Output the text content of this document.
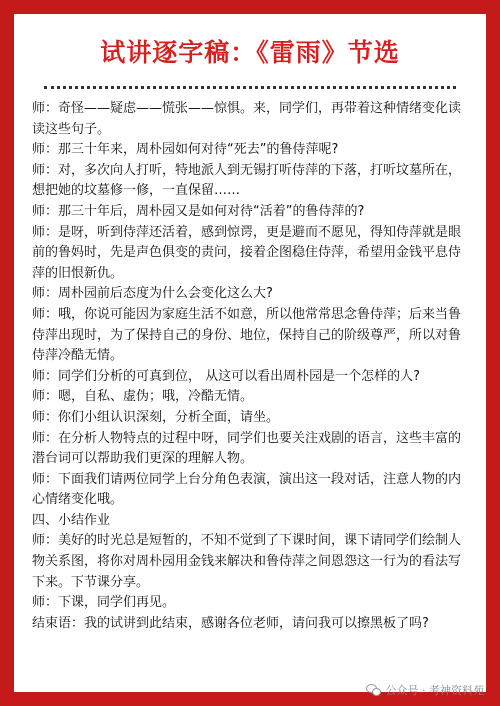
试讲逐字稿：《雷雨》节选

师：奇怪——疑虑——慌张——惊惧。来，同学们，再带着这种情绪变化读读这些句子。

师：那三十年来，周朴园如何对待“死去”的鲁侍萍呢?

师：对，多次向人打听，特地派人到无锡打听侍萍的下落，打听坟墓所在，想把她的坟墓修一修，一直保留……

师：那三十年后，周朴园又是如何对待“活着”的鲁侍萍的?

师：是呀，听到侍萍还活着，感到惊谔，更是避而不愿见，得知侍萍就是眼前的鲁妈时，先是声色俱变的责问，接着企图稳住侍萍，希望用金钱平息侍萍的旧恨新仇。

师：周朴园前后态度为什么会变化这么大?

师：哦，你说可能因为家庭生活不如意，所以他常常思念鲁侍萍；后来当鲁侍萍出现时，为了保持自己的身份、地位，保持自己的阶级尊严，所以对鲁侍萍冷酷无情。

师：同学们分析的可真到位， 从这可以看出周朴园是一个怎样的人?

师：嗯，自私、虚伪；哦，冷酷无情。

师：你们小组认识深刻，分析全面，请坐。

师：在分析人物特点的过程中呀，同学们也要关注戏剧的语言，这些丰富的潜台词可以帮助我们更深的理解人物。

师：下面我们请两位同学上台分角色表演，演出这一段对话，注意人物的内心情绪变化哦。

四、小结作业

师：美好的时光总是短暂的，不知不觉到了下课时间，课下请同学们绘制人物关系图，将你对周朴园用金钱来解决和鲁侍萍之间恩怨这一行为的看法写下来。下节课分享。

师：下课，同学们再见。

结束语：我的试讲到此结束，感谢各位老师，请问我可以擦黑板了吗?

公众号 · 考神资料苑
